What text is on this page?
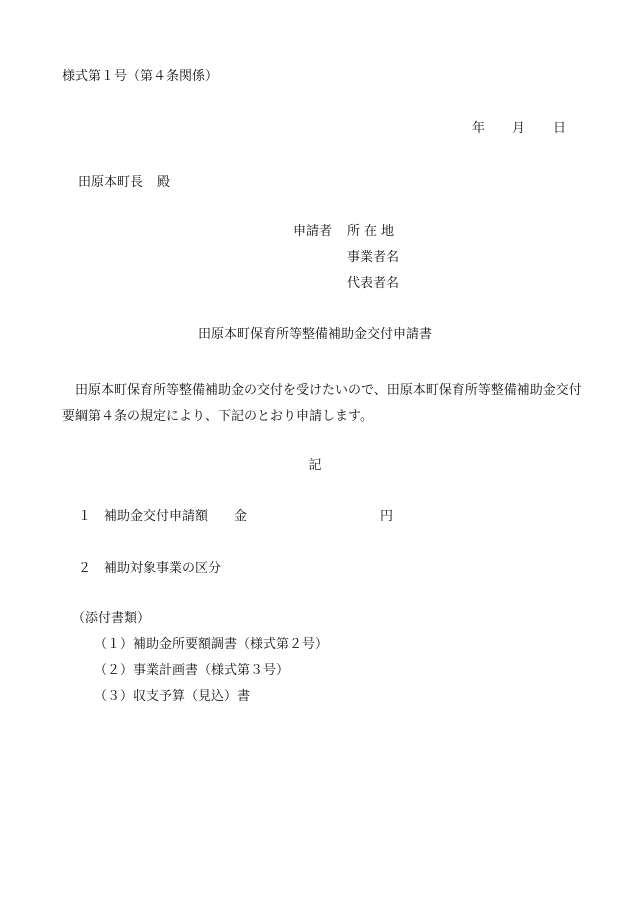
様式第１号（第４条関係）
年 月 日
田原本町長 殿
申請者 所在地
事業者名
代表者名
田原本町保育所等整備補助金交付申請書
田原本町保育所等整備補助金の交付を受けたいので、田原本町保育所等整備補助金交付要綱第４条の規定により、下記のとおり申請します。
記
１ 補助金交付申請額 金	円
２ 補助対象事業の区分
（添付書類）
（１）補助金所要額調書（様式第２号）
（２）事業計画書（様式第３号）
（３）収支予算（見込）書
